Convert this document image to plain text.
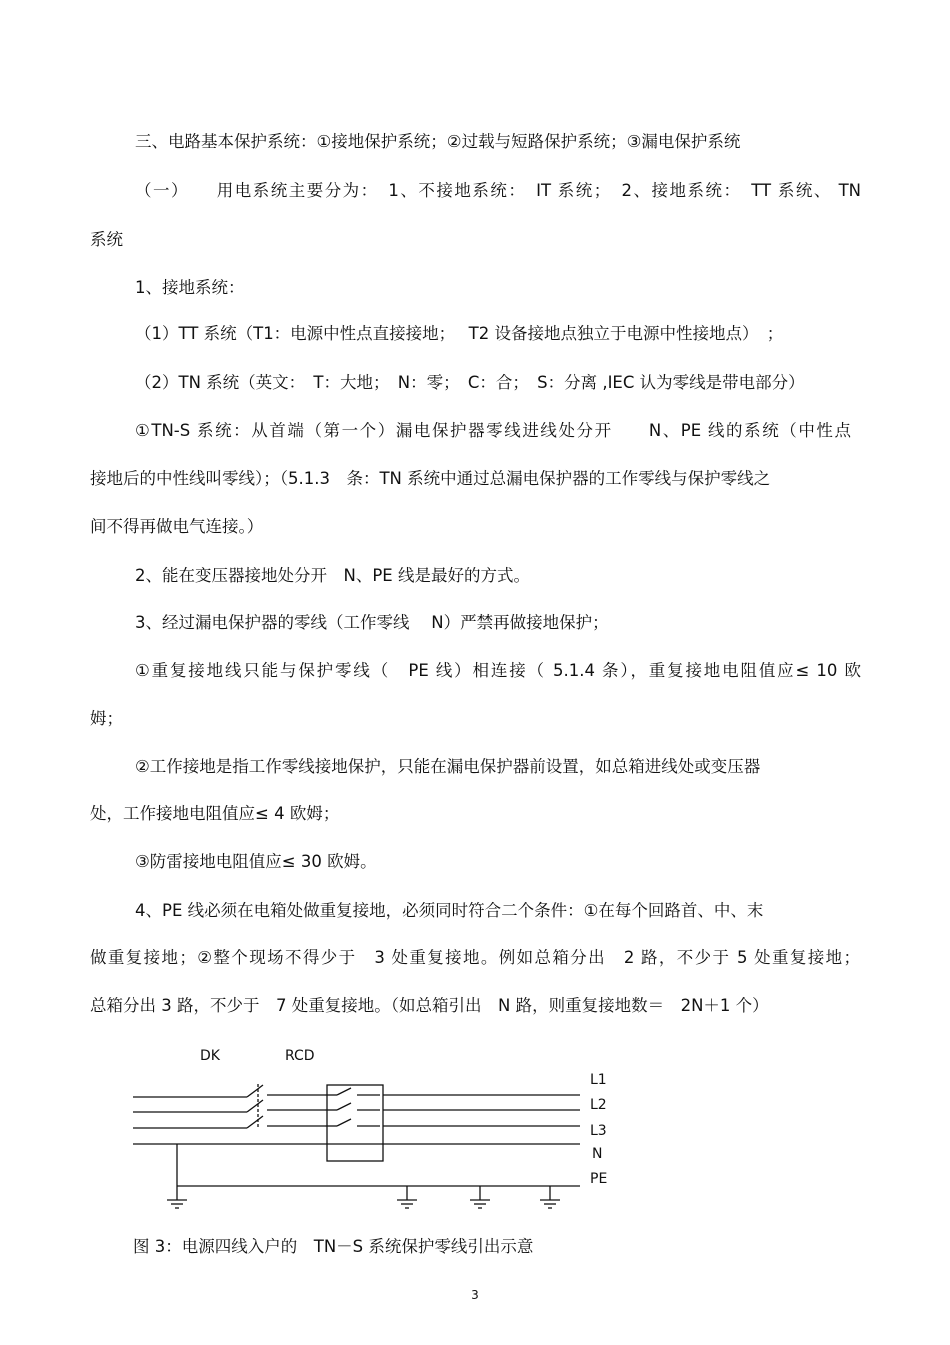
三、电路基本保护系统：①接地保护系统；②过载与短路保护系统；③漏电保护系统
（一）　　用电系统主要分为：　1、不接地系统：　IT 系统；　2、接地系统：　TT 系统、 TN
系统
1、接地系统：
（1）TT 系统（T1：电源中性点直接接地；　 T2 设备接地点独立于电源中性接地点）　；
（2）TN 系统（英文：　T：大地；　N：零；　C：合；　S：分离 ,IEC 认为零线是带电部分）
①TN-S 系统：从首端（第一个）漏电保护器零线进线处分开　　N、PE 线的系统（中性点
接地后的中性线叫零线）；（5.1.3　条：TN 系统中通过总漏电保护器的工作零线与保护零线之
间不得再做电气连接。）
2、能在变压器接地处分开　N、PE 线是最好的方式。
3、经过漏电保护器的零线（工作零线　 N）严禁再做接地保护；
①重复接地线只能与保护零线（　PE 线）相连接（ 5.1.4 条），重复接地电阻值应≤ 10 欧
姆；
②工作接地是指工作零线接地保护，只能在漏电保护器前设置，如总箱进线处或变压器
处，工作接地电阻值应≤ 4 欧姆；
③防雷接地电阻值应≤ 30 欧姆。
4、PE 线必须在电箱处做重复接地，必须同时符合二个条件：①在每个回路首、中、末
做重复接地；②整个现场不得少于　3 处重复接地。例如总箱分出　2 路，不少于 5 处重复接地；
总箱分出 3 路，不少于　7 处重复接地。（如总箱引出　N 路，则重复接地数＝　2N＋1 个）
DK	RCD
L1
L2
L3
N
PE
图 3：电源四线入户的　TN－S 系统保护零线引出示意
3
